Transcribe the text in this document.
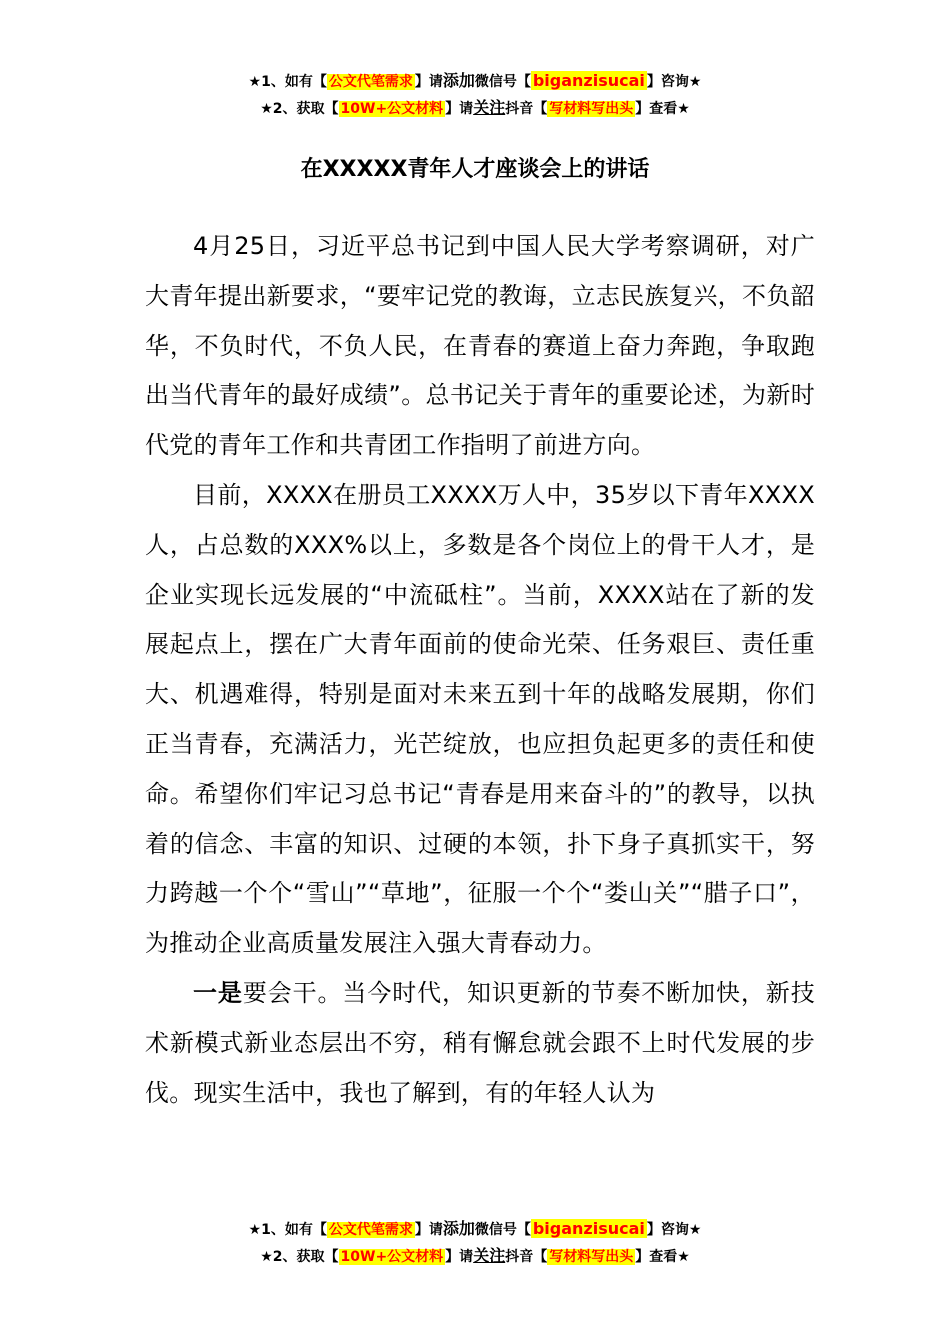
★1、如有【 公文代笔需求 】请添加微信号【 biganzisucai 】咨询★
★2、获取【 10W+公文材料 】请关注抖音【 写材料写出头 】查看★
在XXXXX青年人才座谈会上的讲话

4月25日，习近平总书记到中国人民大学考察调研，对广大青年提出新要求，“要牢记党的教诲，立志民族复兴，不负韶华，不负时代，不负人民，在青春的赛道上奋力奔跑，争取跑出当代青年的最好成绩”。总书记关于青年的重要论述，为新时代党的青年工作和共青团工作指明了前进方向。

目前，XXXX在册员工XXXX万人中，35岁以下青年XXXX人，占总数的XXX%以上，多数是各个岗位上的骨干人才，是企业实现长远发展的“中流砥柱”。当前，XXXX站在了新的发展起点上，摆在广大青年面前的使命光荣、任务艰巨、责任重大、机遇难得，特别是面对未来五到十年的战略发展期，你们正当青春，充满活力，光芒绽放，也应担负起更多的责任和使命。希望你们牢记习总书记“青春是用来奋斗的”的教导，以执着的信念、丰富的知识、过硬的本领，扑下身子真抓实干，努力跨越一个个“雪山”“草地”，征服一个个“娄山关”“腊子口”，为推动企业高质量发展注入强大青春动力。

一是要会干。当今时代，知识更新的节奏不断加快，新技术新模式新业态层出不穷，稍有懈怠就会跟不上时代发展的步伐。现实生活中，我也了解到，有的年轻人认为

★1、如有【 公文代笔需求 】请添加微信号【 biganzisucai 】咨询★
★2、获取【 10W+公文材料 】请关注抖音【 写材料写出头 】查看★
